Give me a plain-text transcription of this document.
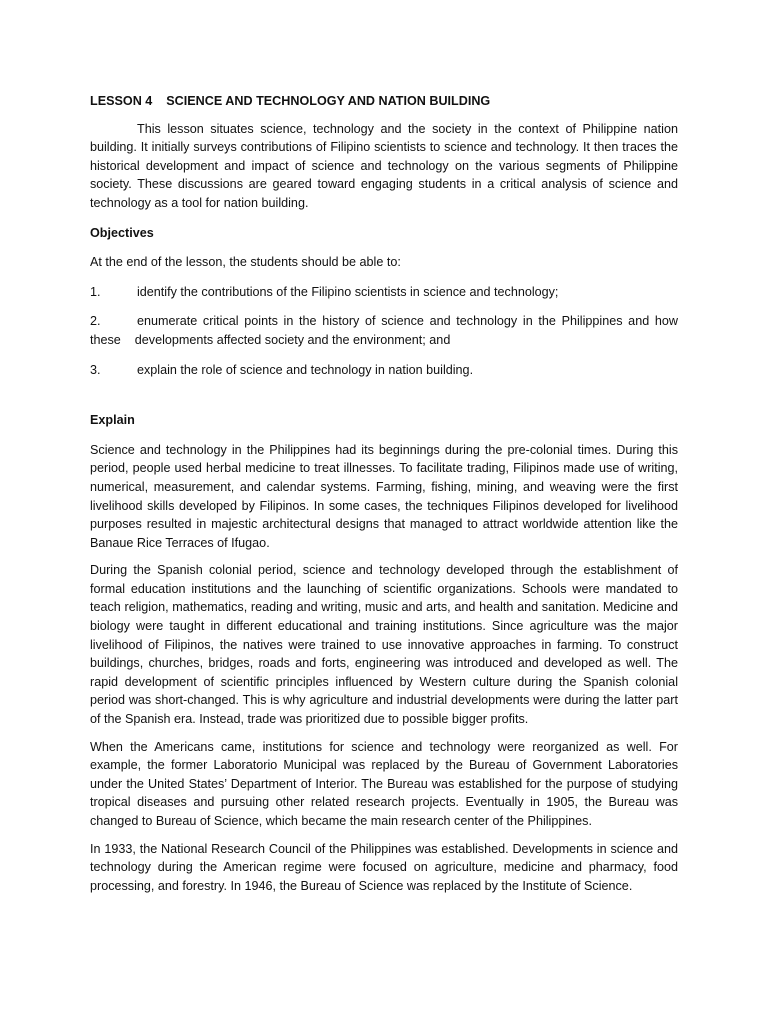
LESSON 4    SCIENCE AND TECHNOLOGY AND NATION BUILDING

This lesson situates science, technology and the society in the context of Philippine nation building. It initially surveys contributions of Filipino scientists to science and technology. It then traces the historical development and impact of science and technology on the various segments of Philippine society. These discussions are geared toward engaging students in a critical analysis of science and technology as a tool for nation building.

Objectives

At the end of the lesson, the students should be able to:

1.	identify the contributions of the Filipino scientists in science and technology;

2.	enumerate critical points in the history of science and technology in the Philippines and how these    developments affected society and the environment; and

3.	explain the role of science and technology in nation building.

Explain

Science and technology in the Philippines had its beginnings during the pre-colonial times. During this period, people used herbal medicine to treat illnesses. To facilitate trading, Filipinos made use of writing, numerical, measurement, and calendar systems. Farming, fishing, mining, and weaving were the first livelihood skills developed by Filipinos. In some cases, the techniques Filipinos developed for livelihood purposes resulted in majestic architectural designs that managed to attract worldwide attention like the Banaue Rice Terraces of Ifugao.

During the Spanish colonial period, science and technology developed through the establishment of formal education institutions and the launching of scientific organizations. Schools were mandated to teach religion, mathematics, reading and writing, music and arts, and health and sanitation. Medicine and biology were taught in different educational and training institutions. Since agriculture was the major livelihood of Filipinos, the natives were trained to use innovative approaches in farming. To construct buildings, churches, bridges, roads and forts, engineering was introduced and developed as well. The rapid development of scientific principles influenced by Western culture during the Spanish colonial period was short-changed. This is why agriculture and industrial developments were during the latter part of the Spanish era. Instead, trade was prioritized due to possible bigger profits.

When the Americans came, institutions for science and technology were reorganized as well. For example, the former Laboratorio Municipal was replaced by the Bureau of Government Laboratories under the United States’ Department of Interior. The Bureau was established for the purpose of studying tropical diseases and pursuing other related research projects. Eventually in 1905, the Bureau was changed to Bureau of Science, which became the main research center of the Philippines.

In 1933, the National Research Council of the Philippines was established. Developments in science and technology during the American regime were focused on agriculture, medicine and pharmacy, food processing, and forestry. In 1946, the Bureau of Science was replaced by the Institute of Science.
